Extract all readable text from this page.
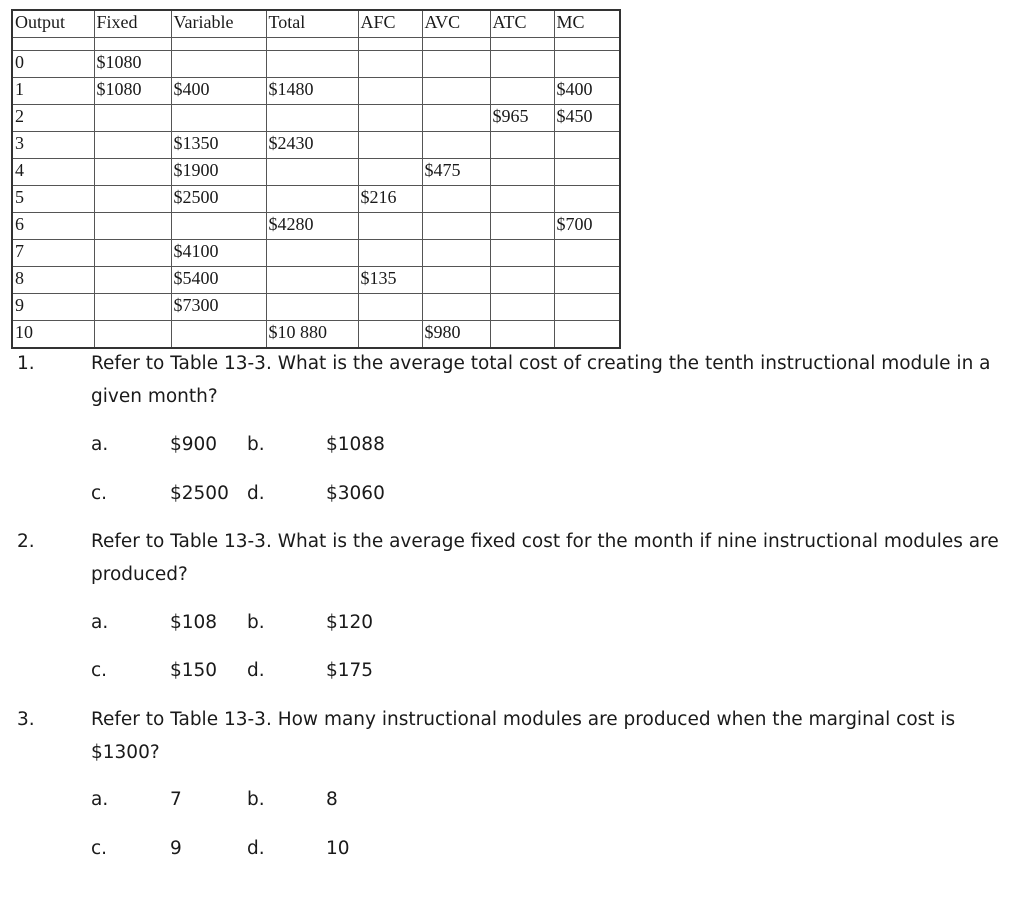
Output	Fixed	Variable	Total	AFC	AVC	ATC	MC

0	$1080						
1	$1080	$400	$1480				$400
2						$965	$450
3		$1350	$2430				
4		$1900			$475		
5		$2500		$216			
6			$4280				$700
7		$4100					
8		$5400		$135			
9		$7300					
10			$10 880		$980		
1.	Refer to Table 13-3. What is the average total cost of creating the tenth instructional module in a given month?
a.	$900 b.	$1088
c.	$2500 d.	$3060
2.	Refer to Table 13-3. What is the average fixed cost for the month if nine instructional modules are produced?
a.	$108 b.	$120
c.	$150 d.	$175
3.	Refer to Table 13-3. How many instructional modules are produced when the marginal cost is $1300?
a.	7	b.	8
c.	9	d.	10
